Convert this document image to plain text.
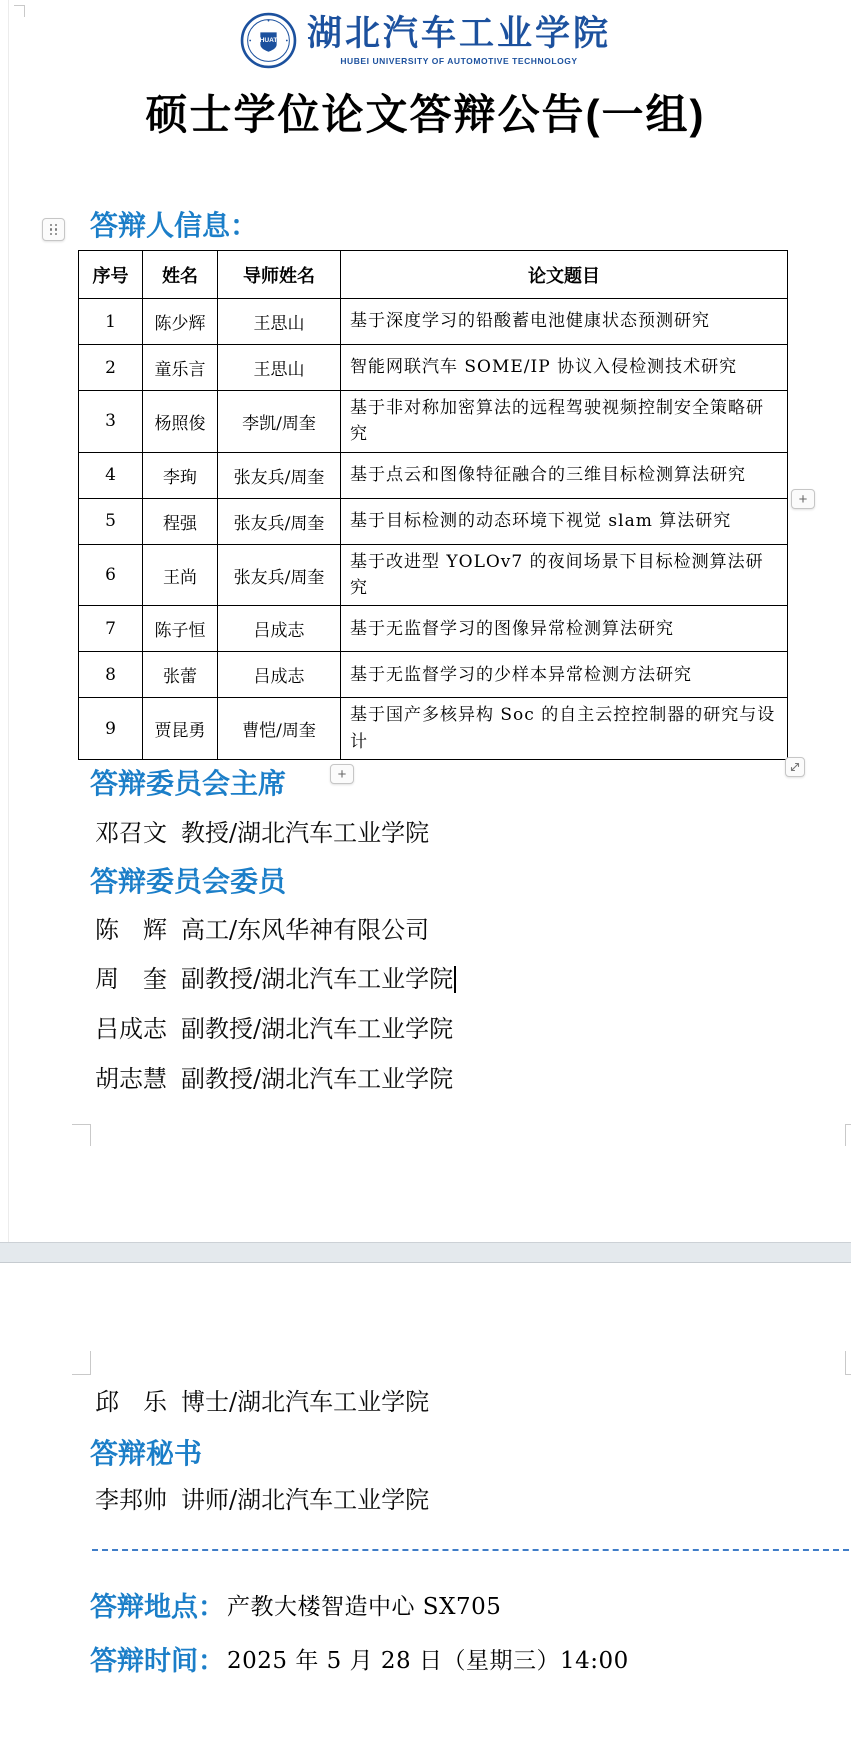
HUAT 湖北汽车工业学院
HUBEI UNIVERSITY OF AUTOMOTIVE TECHNOLOGY
硕士学位论文答辩公告(一组)
答辩人信息：
序号	姓名	导师姓名	论文题目
1	陈少辉	王思山	基于深度学习的铅酸蓄电池健康状态预测研究
2	童乐言	王思山	智能网联汽车 SOME/IP 协议入侵检测技术研究
3	杨照俊	李凯/周奎	基于非对称加密算法的远程驾驶视频控制安全策略研究
4	李珣	张友兵/周奎	基于点云和图像特征融合的三维目标检测算法研究
5	程强	张友兵/周奎	基于目标检测的动态环境下视觉 slam 算法研究
6	王尚	张友兵/周奎	基于改进型 YOLOv7 的夜间场景下目标检测算法研究
7	陈子恒	吕成志	基于无监督学习的图像异常检测算法研究
8	张蕾	吕成志	基于无监督学习的少样本异常检测方法研究
9	贾昆勇	曹恺/周奎	基于国产多核异构 Soc 的自主云控控制器的研究与设计
+
答辩委员会主席	+
邓召文 教授/湖北汽车工业学院
答辩委员会委员
陈　辉 高工/东风华神有限公司
周　奎 副教授/湖北汽车工业学院
吕成志 副教授/湖北汽车工业学院
胡志慧 副教授/湖北汽车工业学院
邱　乐 博士/湖北汽车工业学院
答辩秘书
李邦帅 讲师/湖北汽车工业学院
答辩地点 ： 产教大楼智造中心 SX705
答辩时间 ： 2025 年 5 月 28 日（星期三）14:00
